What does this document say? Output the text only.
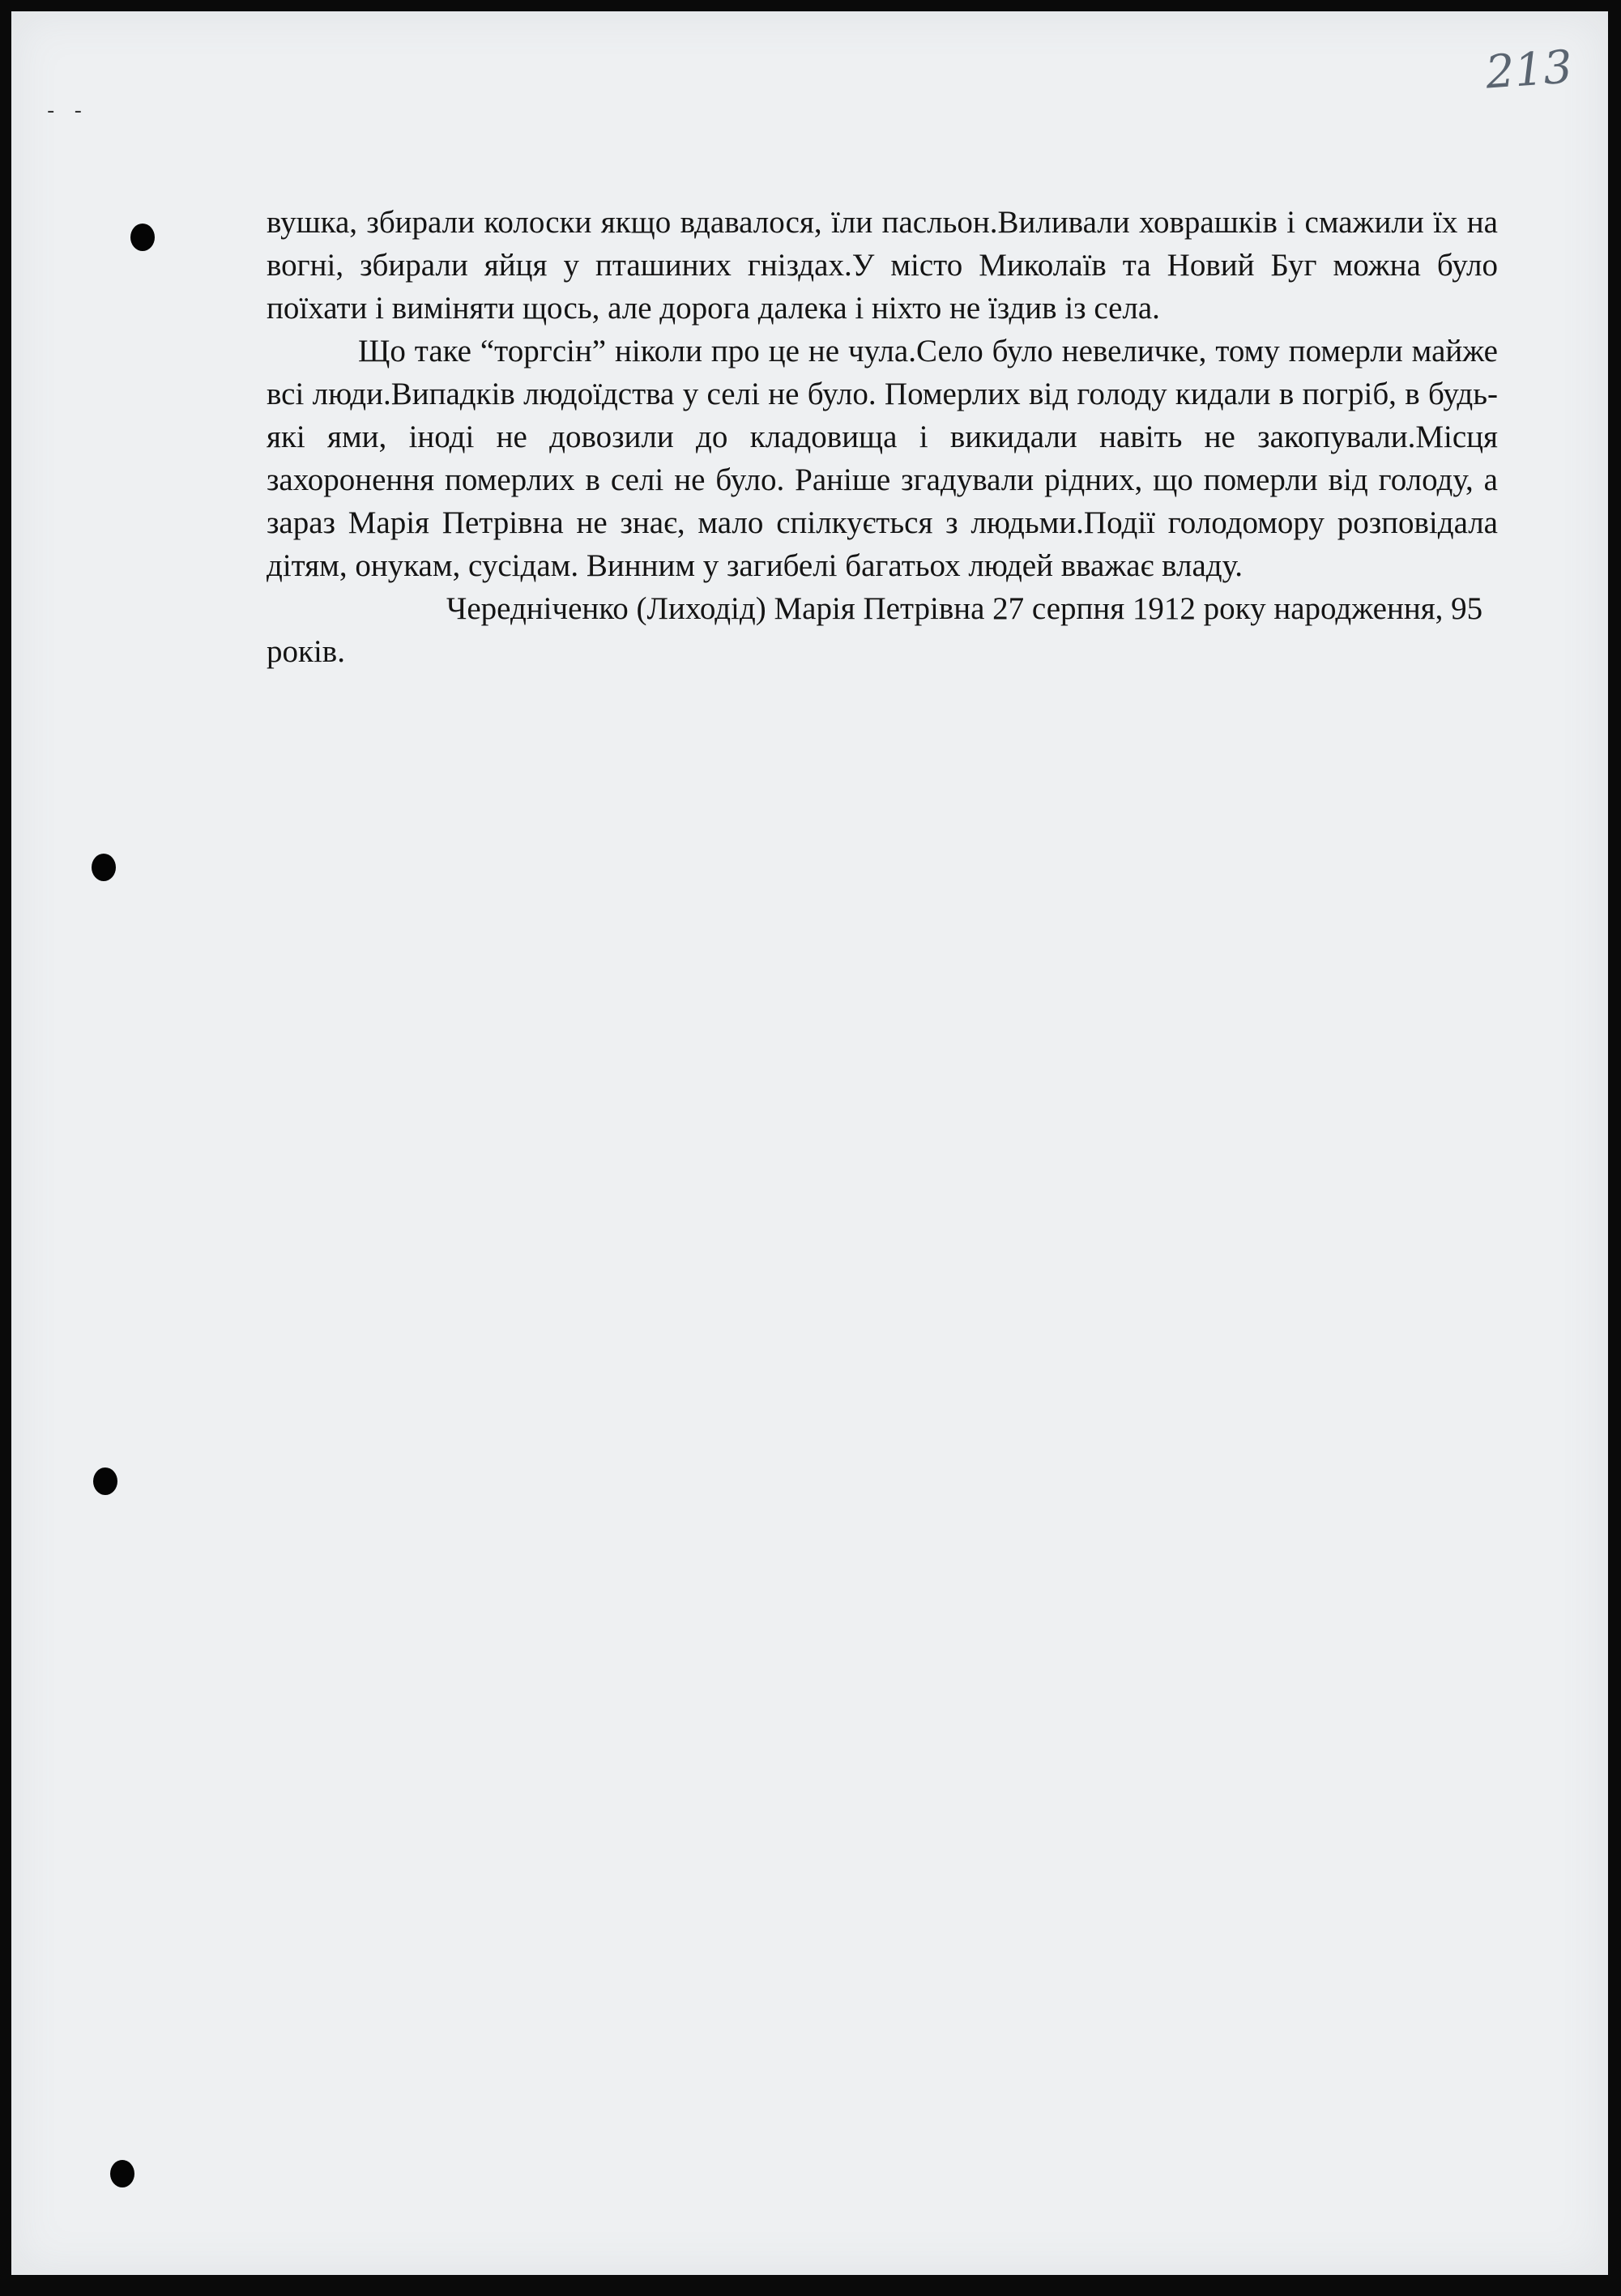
- -
213

вушка, збирали колоски якщо вдавалося, їли пасльон.Виливали ховрашків і смажили їх на вогні, збирали яйця у пташиних гніздах.У місто Миколаїв та Новий Буг можна було поїхати і виміняти щось, але дорога далека і ніхто не їздив із села.

Що таке “торгсін” ніколи про це не чула.Село було невеличке, тому померли майже всі люди.Випадків людоїдства у селі не було. Померлих від голоду кидали в погріб, в будь-які ями, іноді не довозили до кладовища і викидали навіть не закопували.Місця захоронення померлих в селі не було. Раніше згадували рідних, що померли від голоду, а зараз Марія Петрівна не знає, мало спілкується з людьми.Події голодомору розповідала дітям, онукам, сусідам. Винним у загибелі багатьох людей вважає владу.

Чередніченко (Лиходід) Марія Петрівна 27 серпня 1912 року народження, 95 років.
